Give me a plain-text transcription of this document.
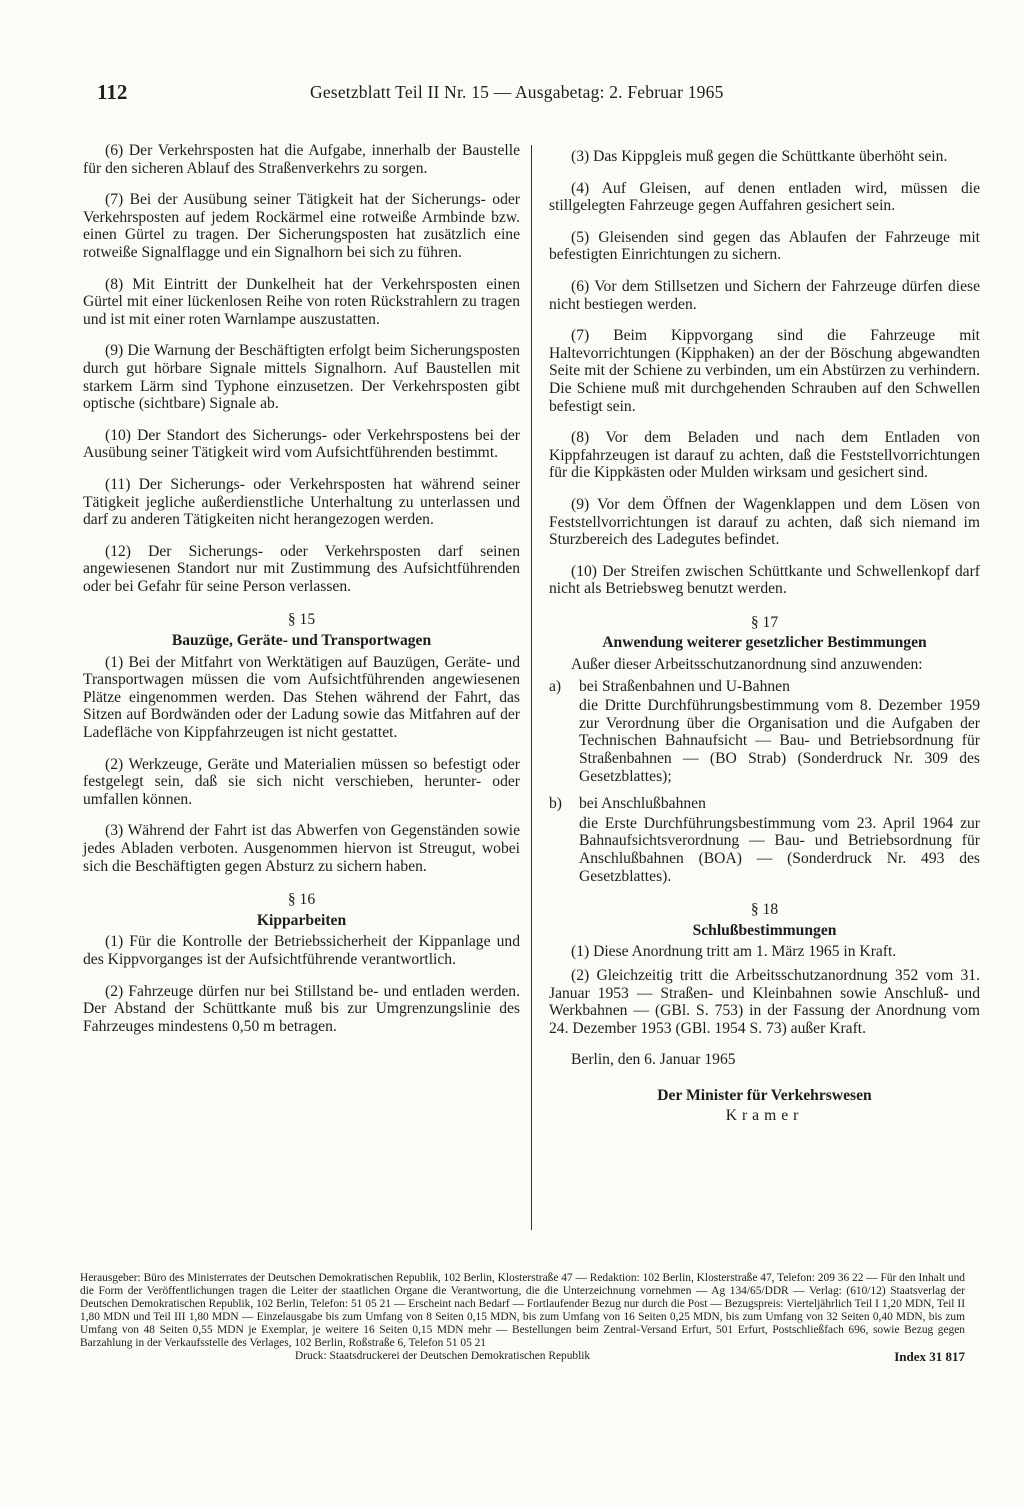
112	Gesetzblatt Teil II Nr. 15 — Ausgabetag: 2. Februar 1965

(6) Der Verkehrsposten hat die Aufgabe, innerhalb der Baustelle für den sicheren Ablauf des Straßenverkehrs zu sorgen.

(7) Bei der Ausübung seiner Tätigkeit hat der Sicherungs- oder Verkehrsposten auf jedem Rockärmel eine rotweiße Armbinde bzw. einen Gürtel zu tragen. Der Sicherungsposten hat zusätzlich eine rotweiße Signalflagge und ein Signalhorn bei sich zu führen.

(8) Mit Eintritt der Dunkelheit hat der Verkehrsposten einen Gürtel mit einer lückenlosen Reihe von roten Rückstrahlern zu tragen und ist mit einer roten Warnlampe auszustatten.

(9) Die Warnung der Beschäftigten erfolgt beim Sicherungsposten durch gut hörbare Signale mittels Signalhorn. Auf Baustellen mit starkem Lärm sind Typhone einzusetzen. Der Verkehrsposten gibt optische (sichtbare) Signale ab.

(10) Der Standort des Sicherungs- oder Verkehrspostens bei der Ausübung seiner Tätigkeit wird vom Aufsichtführenden bestimmt.

(11) Der Sicherungs- oder Verkehrsposten hat während seiner Tätigkeit jegliche außerdienstliche Unterhaltung zu unterlassen und darf zu anderen Tätigkeiten nicht herangezogen werden.

(12) Der Sicherungs- oder Verkehrsposten darf seinen angewiesenen Standort nur mit Zustimmung des Aufsichtführenden oder bei Gefahr für seine Person verlassen.

§ 15
Bauzüge, Geräte- und Transportwagen

(1) Bei der Mitfahrt von Werktätigen auf Bauzügen, Geräte- und Transportwagen müssen die vom Aufsichtführenden angewiesenen Plätze eingenommen werden. Das Stehen während der Fahrt, das Sitzen auf Bordwänden oder der Ladung sowie das Mitfahren auf der Ladefläche von Kippfahrzeugen ist nicht gestattet.

(2) Werkzeuge, Geräte und Materialien müssen so befestigt oder festgelegt sein, daß sie sich nicht verschieben, herunter- oder umfallen können.

(3) Während der Fahrt ist das Abwerfen von Gegenständen sowie jedes Abladen verboten. Ausgenommen hiervon ist Streugut, wobei sich die Beschäftigten gegen Absturz zu sichern haben.

§ 16
Kipparbeiten

(1) Für die Kontrolle der Betriebssicherheit der Kippanlage und des Kippvorganges ist der Aufsichtführende verantwortlich.

(2) Fahrzeuge dürfen nur bei Stillstand be- und entladen werden. Der Abstand der Schüttkante muß bis zur Umgrenzungslinie des Fahrzeuges mindestens 0,50 m betragen.

(3) Das Kippgleis muß gegen die Schüttkante überhöht sein.

(4) Auf Gleisen, auf denen entladen wird, müssen die stillgelegten Fahrzeuge gegen Auffahren gesichert sein.

(5) Gleisenden sind gegen das Ablaufen der Fahrzeuge mit befestigten Einrichtungen zu sichern.

(6) Vor dem Stillsetzen und Sichern der Fahrzeuge dürfen diese nicht bestiegen werden.

(7) Beim Kippvorgang sind die Fahrzeuge mit Haltevorrichtungen (Kipphaken) an der der Böschung abgewandten Seite mit der Schiene zu verbinden, um ein Abstürzen zu verhindern. Die Schiene muß mit durchgehenden Schrauben auf den Schwellen befestigt sein.

(8) Vor dem Beladen und nach dem Entladen von Kippfahrzeugen ist darauf zu achten, daß die Feststellvorrichtungen für die Kippkästen oder Mulden wirksam und gesichert sind.

(9) Vor dem Öffnen der Wagenklappen und dem Lösen von Feststellvorrichtungen ist darauf zu achten, daß sich niemand im Sturzbereich des Ladegutes befindet.

(10) Der Streifen zwischen Schüttkante und Schwellenkopf darf nicht als Betriebsweg benutzt werden.

§ 17
Anwendung weiterer gesetzlicher Bestimmungen

Außer dieser Arbeitsschutzanordnung sind anzuwenden:

a)	bei Straßenbahnen und U-Bahnen
die Dritte Durchführungsbestimmung vom 8. Dezember 1959 zur Verordnung über die Organisation und die Aufgaben der Technischen Bahnaufsicht — Bau- und Betriebsordnung für Straßenbahnen — (BO Strab) (Sonderdruck Nr. 309 des Gesetzblattes);
b)	bei Anschlußbahnen
die Erste Durchführungsbestimmung vom 23. April 1964 zur Bahnaufsichtsverordnung — Bau- und Betriebsordnung für Anschlußbahnen (BOA) — (Sonderdruck Nr. 493 des Gesetzblattes).
§ 18
Schlußbestimmungen

(1) Diese Anordnung tritt am 1. März 1965 in Kraft.

(2) Gleichzeitig tritt die Arbeitsschutzanordnung 352 vom 31. Januar 1953 — Straßen- und Kleinbahnen sowie Anschluß- und Werkbahnen — (GBl. S. 753) in der Fassung der Anordnung vom 24. Dezember 1953 (GBl. 1954 S. 73) außer Kraft.

Berlin, den 6. Januar 1965

Der Minister für Verkehrswesen
Kramer
Herausgeber: Büro des Ministerrates der Deutschen Demokratischen Republik, 102 Berlin, Klosterstraße 47 — Redaktion: 102 Berlin, Klosterstraße 47, Telefon: 209 36 22 — Für den Inhalt und die Form der Veröffentlichungen tragen die Leiter der staatlichen Organe die Verantwortung, die die Unterzeichnung vornehmen — Ag 134/65/DDR — Verlag: (610/12) Staatsverlag der Deutschen Demokratischen Republik, 102 Berlin, Telefon: 51 05 21 — Erscheint nach Bedarf — Fortlaufender Bezug nur durch die Post — Bezugspreis: Vierteljährlich Teil I 1,20 MDN, Teil II 1,80 MDN und Teil III 1,80 MDN — Einzelausgabe bis zum Umfang von 8 Seiten 0,15 MDN, bis zum Umfang von 16 Seiten 0,25 MDN, bis zum Umfang von 32 Seiten 0,40 MDN, bis zum Umfang von 48 Seiten 0,55 MDN je Exemplar, je weitere 16 Seiten 0,15 MDN mehr — Bestellungen beim Zentral-Versand Erfurt, 501 Erfurt, Postschließfach 696, sowie Bezug gegen Barzahlung in der Verkaufsstelle des Verlages, 102 Berlin, Roßstraße 6, Telefon 51 05 21
Druck: Staatsdruckerei der Deutschen Demokratischen Republik	Index 31 817
